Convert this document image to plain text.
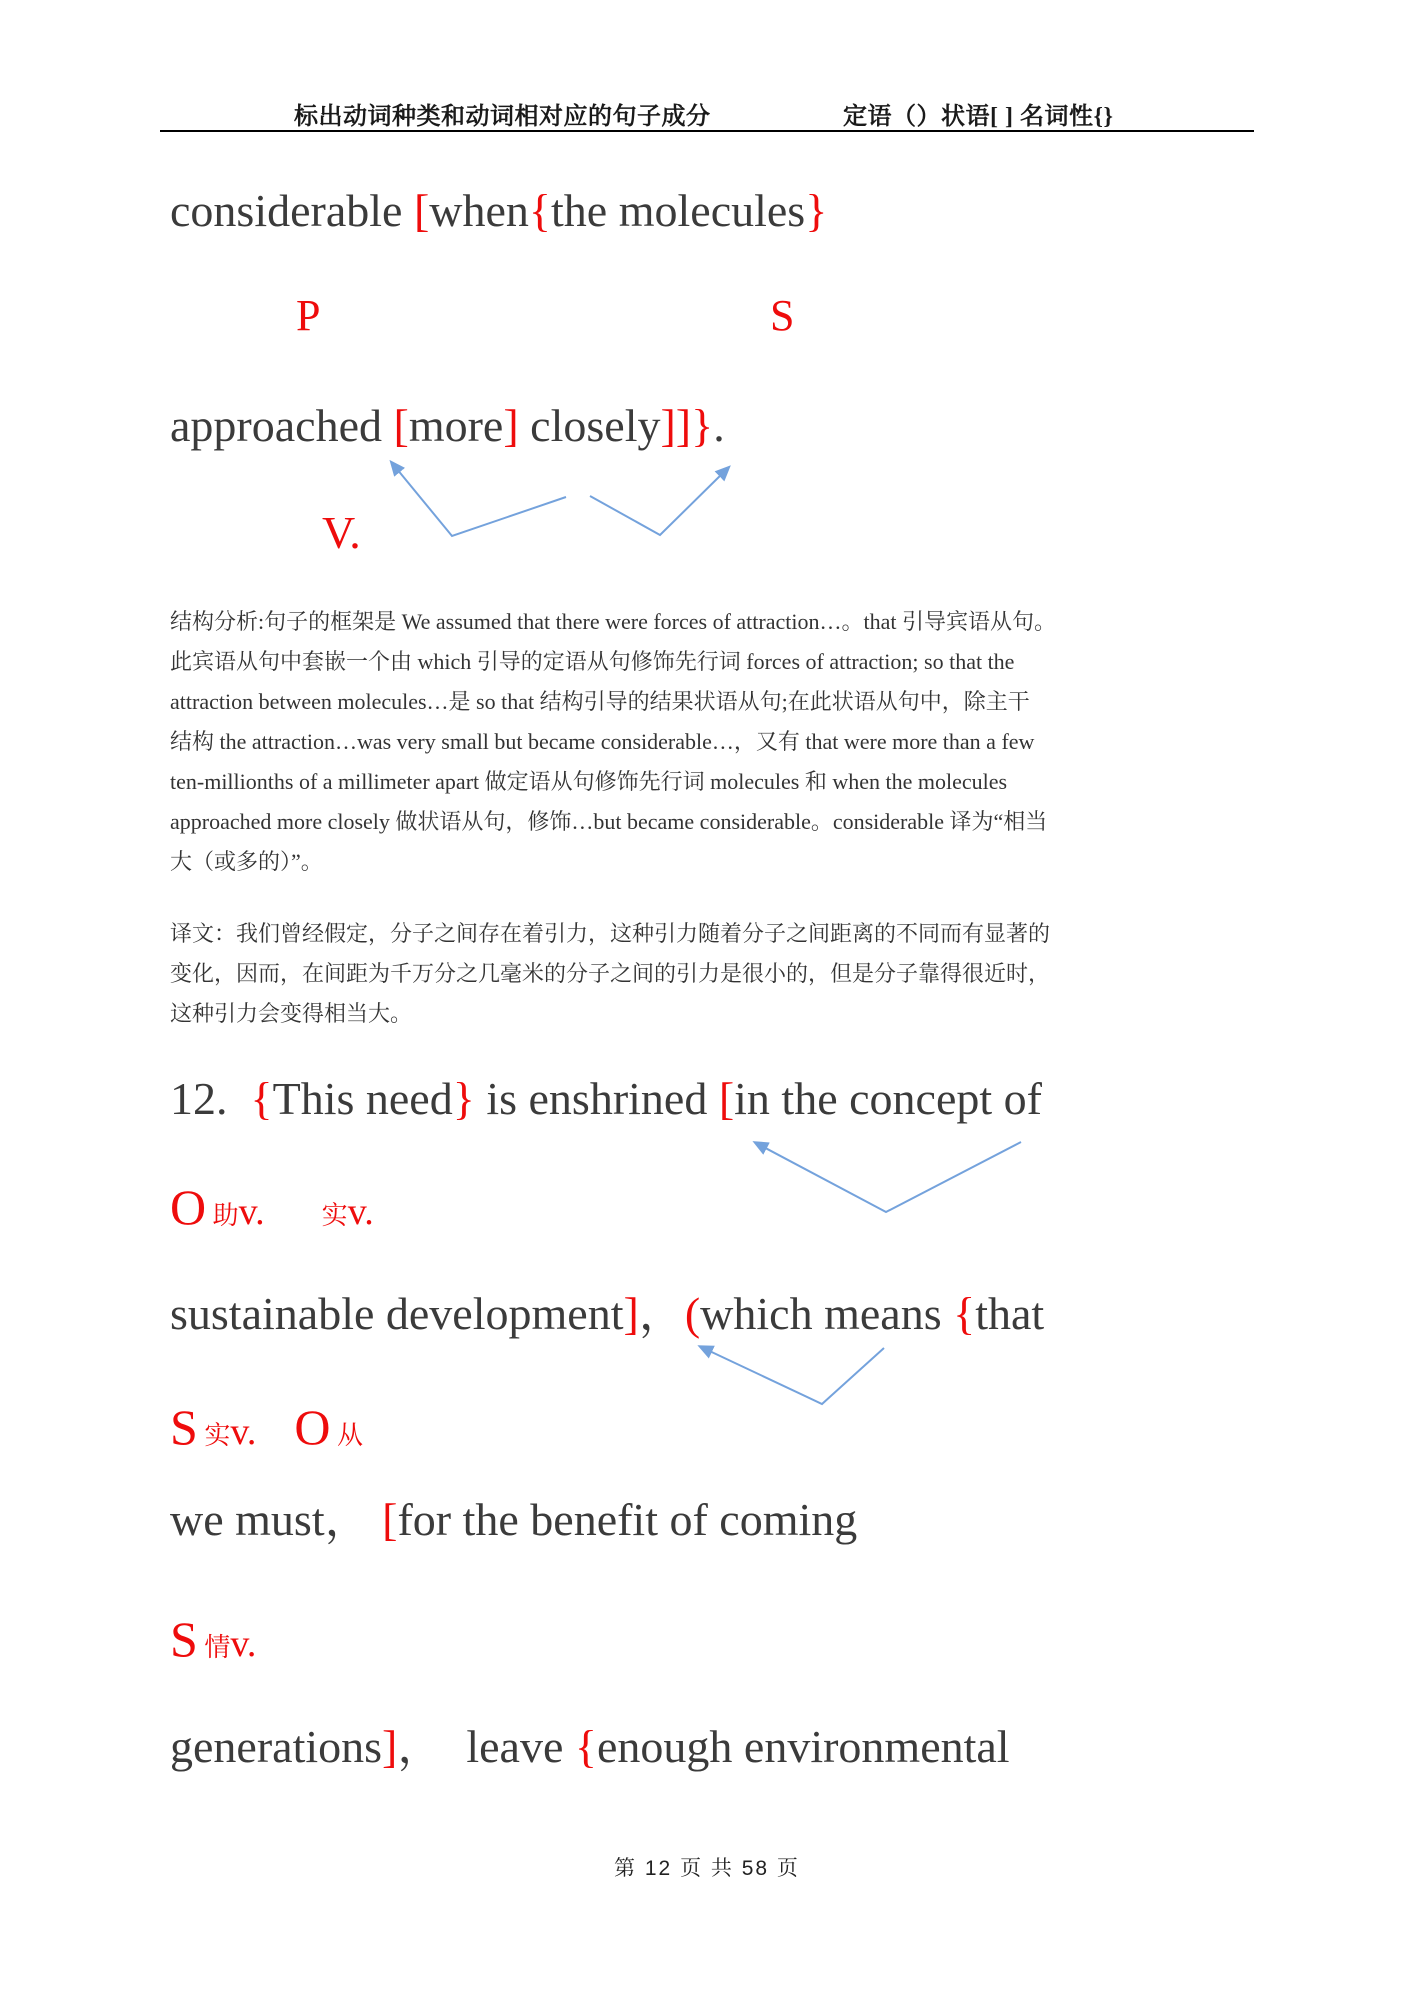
标出动词种类和动词相对应的句子成分	定语（）状语[ ] 名词性{}
considerable [when{the molecules}
P	S
approached [more] closely]]}.
V.
结构分析:句子的框架是 We assumed that there were forces of attraction…。that 引导宾语从句。
此宾语从句中套嵌一个由 which 引导的定语从句修饰先行词 forces of attraction; so that the
attraction between molecules…是 so that 结构引导的结果状语从句;在此状语从句中，除主干
结构 the attraction…was very small but became considerable…，又有 that were more than a few
ten-millionths of a millimeter apart 做定语从句修饰先行词 molecules 和 when the molecules
approached more closely 做状语从句，修饰…but became considerable。considerable 译为“相当
大（或多的）”。
译文：我们曾经假定，分子之间存在着引力，这种引力随着分子之间距离的不同而有显著的
变化，因而，在间距为千万分之几毫米的分子之间的引力是很小的，但是分子靠得很近时，
这种引力会变得相当大。
12.  {This need} is enshrined [in the concept of
O 助v. 实v.
sustainable development]，(which means {that
S 实v. O 从
we must， [for the benefit of coming
S 情v.
generations]，  leave {enough environmental
第 12 页 共 58 页
